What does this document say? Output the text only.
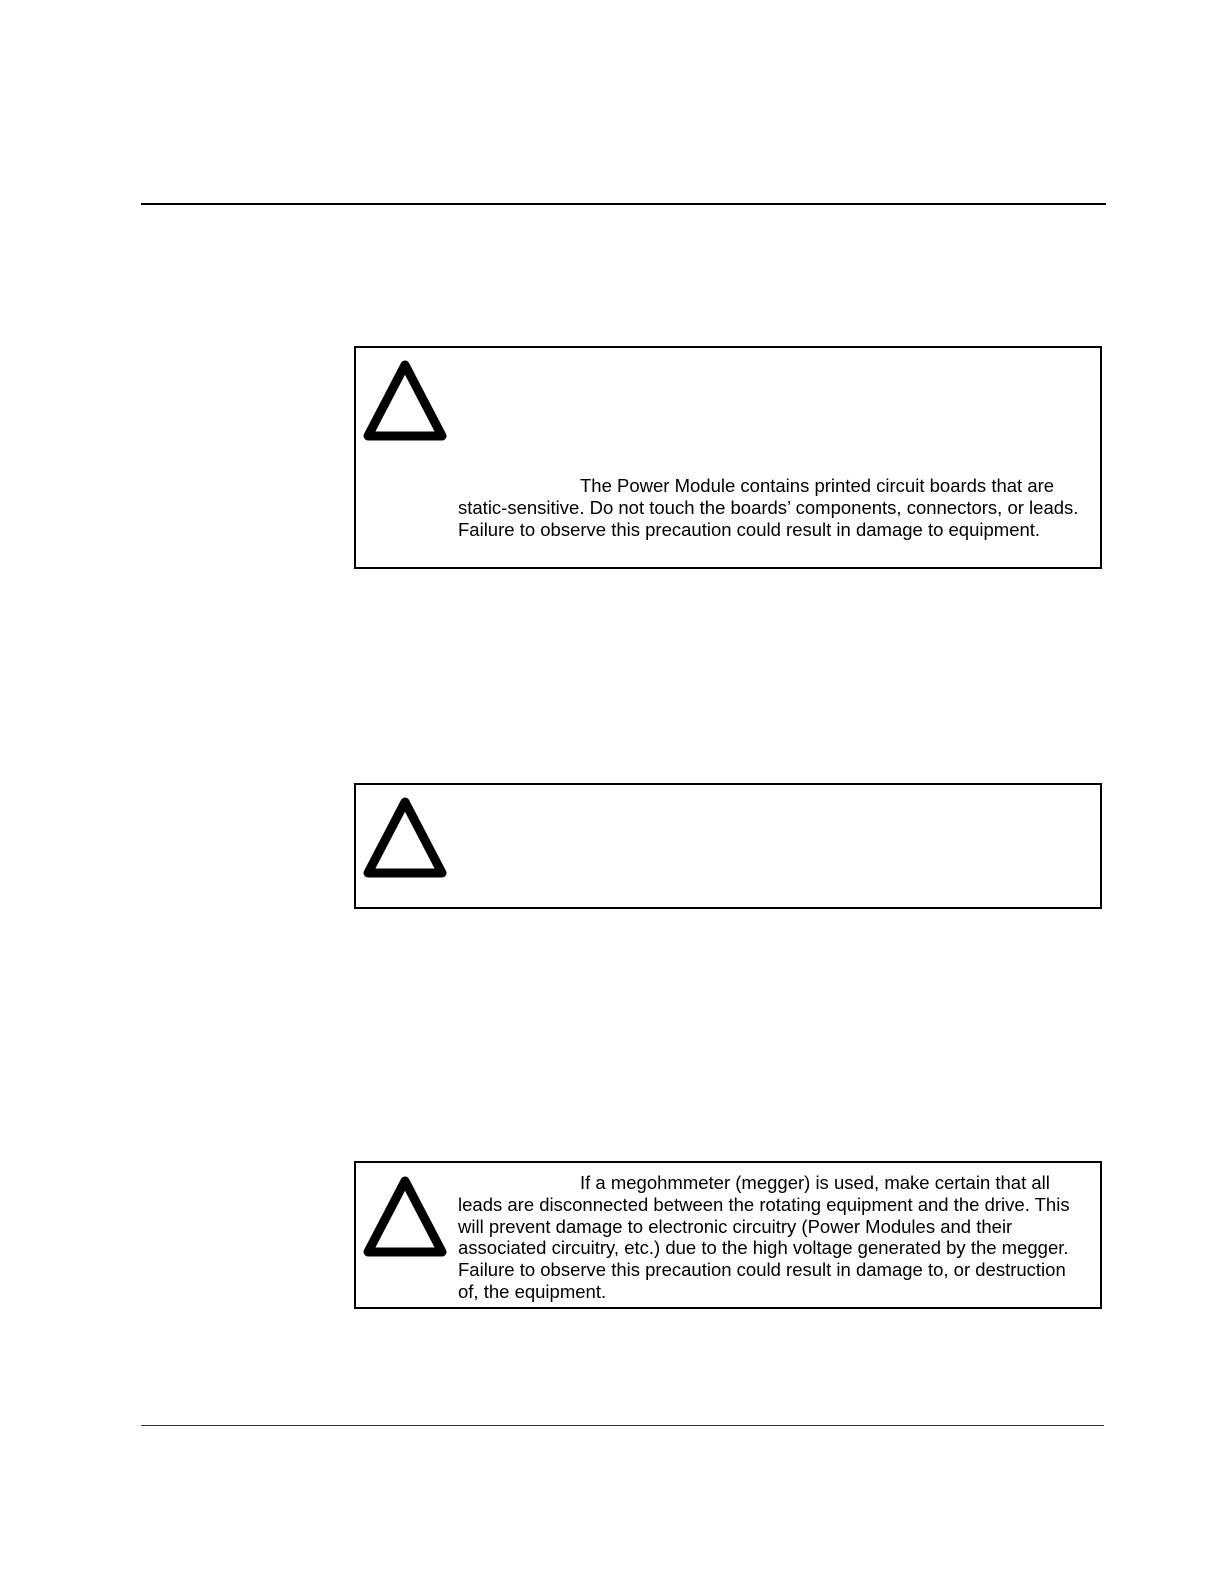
The Power Module contains printed circuit boards that are static-sensitive. Do not touch the boards’ components, connectors, or leads. Failure to observe this precaution could result in damage to equipment.

If a megohmmeter (megger) is used, make certain that all leads are disconnected between the rotating equipment and the drive. This will prevent damage to electronic circuitry (Power Modules and their associated circuitry, etc.) due to the high voltage generated by the megger. Failure to observe this precaution could result in damage to, or destruction of, the equipment.
